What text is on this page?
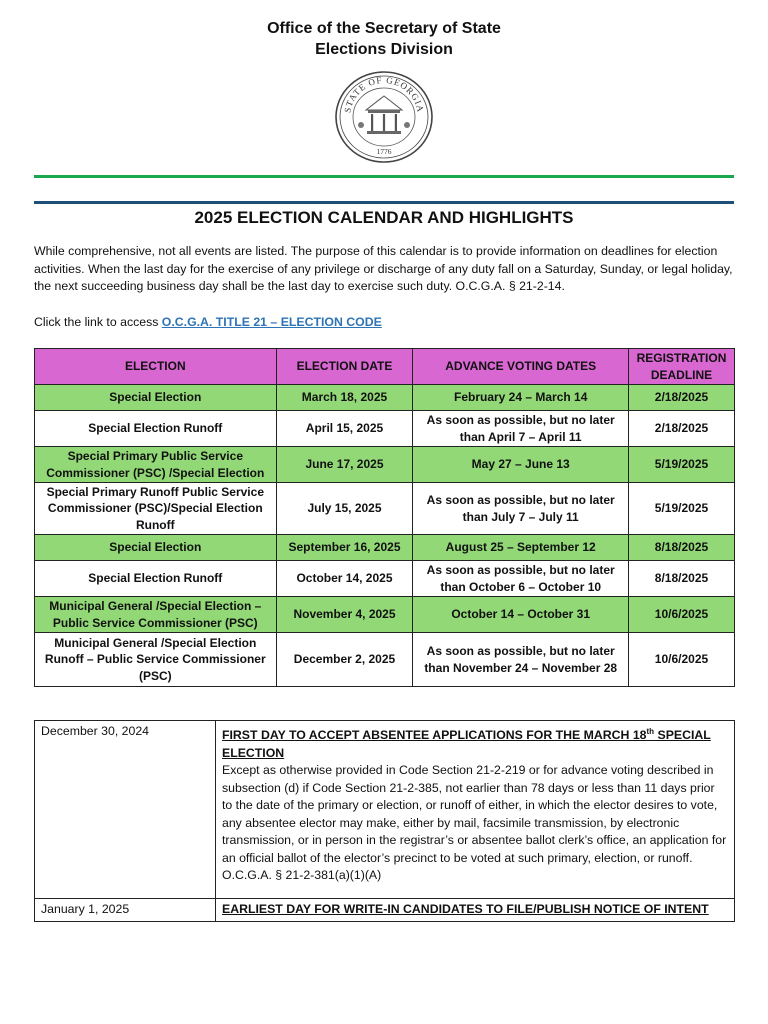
Office of the Secretary of State
Elections Division
STATE OF GEORGIA
1776
2025 ELECTION CALENDAR AND HIGHLIGHTS

While comprehensive, not all events are listed. The purpose of this calendar is to provide information on deadlines for election activities. When the last day for the exercise of any privilege or discharge of any duty fall on a Saturday, Sunday, or legal holiday, the next succeeding business day shall be the last day to exercise such duty. O.C.G.A. § 21-2-14.

Click the link to access O.C.G.A. TITLE 21 – ELECTION CODE

ELECTION	ELECTION DATE	ADVANCE VOTING DATES	REGISTRATION DEADLINE
Special Election	March 18, 2025	February 24 – March 14	2/18/2025
Special Election Runoff	April 15, 2025	As soon as possible, but no later than April 7 – April 11	2/18/2025
Special Primary Public Service Commissioner (PSC) /Special Election	June 17, 2025	May 27 – June 13	5/19/2025
Special Primary Runoff Public Service Commissioner (PSC)/Special Election Runoff	July 15, 2025	As soon as possible, but no later than July 7 – July 11	5/19/2025
Special Election	September 16, 2025	August 25 – September 12	8/18/2025
Special Election Runoff	October 14, 2025	As soon as possible, but no later than October 6 – October 10	8/18/2025
Municipal General /Special Election – Public Service Commissioner (PSC)	November 4, 2025	October 14 – October 31	10/6/2025
Municipal General /Special Election Runoff – Public Service Commissioner (PSC)	December 2, 2025	As soon as possible, but no later than November 24 – November 28	10/6/2025
December 30, 2024	FIRST DAY TO ACCEPT ABSENTEE APPLICATIONS FOR THE MARCH 18th SPECIAL ELECTION
Except as otherwise provided in Code Section 21-2-219 or for advance voting described in subsection (d) if Code Section 21-2-385, not earlier than 78 days or less than 11 days prior to the date of the primary or election, or runoff of either, in which the elector desires to vote, any absentee elector may make, either by mail, facsimile transmission, by electronic transmission, or in person in the registrar’s or absentee ballot clerk’s office, an application for an official ballot of the elector’s precinct to be voted at such primary, election, or runoff.
O.C.G.A. § 21-2-381(a)(1)(A)

January 1, 2025	EARLIEST DAY FOR WRITE-IN CANDIDATES TO FILE/PUBLISH NOTICE OF INTENT
